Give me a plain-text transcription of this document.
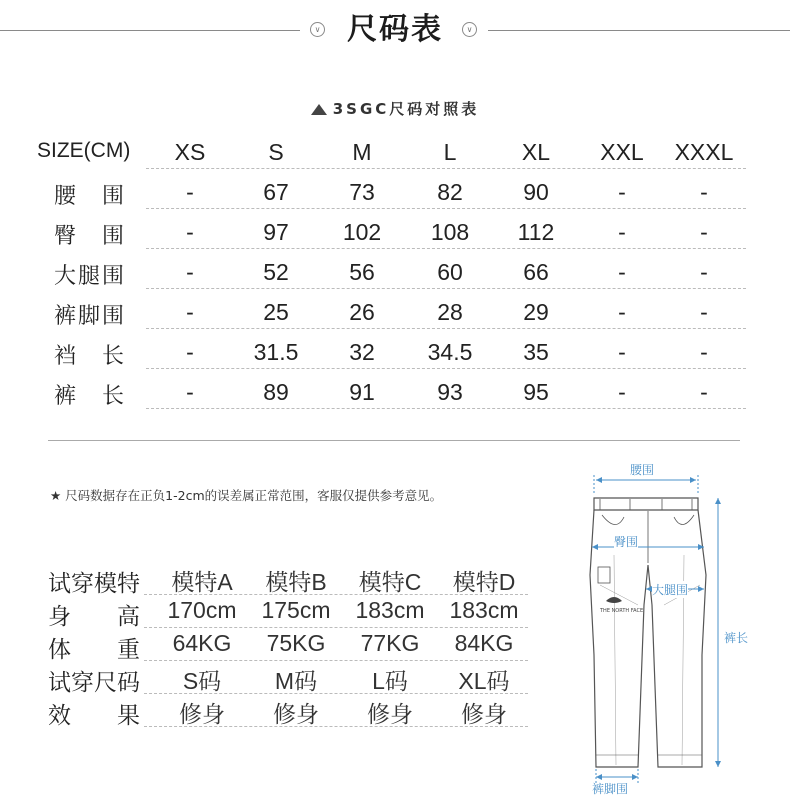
∨ 尺码表	∨
3SGC尺码对照表
SIZE(CM)	XS	S	M	L	XL	XXL	XXXL
腰　围	-	67	73	82	90	-	-
臀　围	-	97	102	108	112	-	-
大腿围	-	52	56	60	66	-	-
裤脚围	-	25	26	28	29	-	-
裆　长	-	31.5	32	34.5	35	-	-
裤　长	-	89	91	93	95	-	-
★ 尺码数据存在正负1-2cm的误差属正常范围，客服仅提供参考意见。
试穿模特	模特A	模特B	模特C	模特D
身高	170cm	175cm	183cm	183cm
体重	64KG	75KG	77KG	84KG
试穿尺码	S码	M码	L码	XL码
效果	修身	修身	修身	修身
THE NORTH FACE
腰围
臀围
大腿围
裤长
裤脚围
